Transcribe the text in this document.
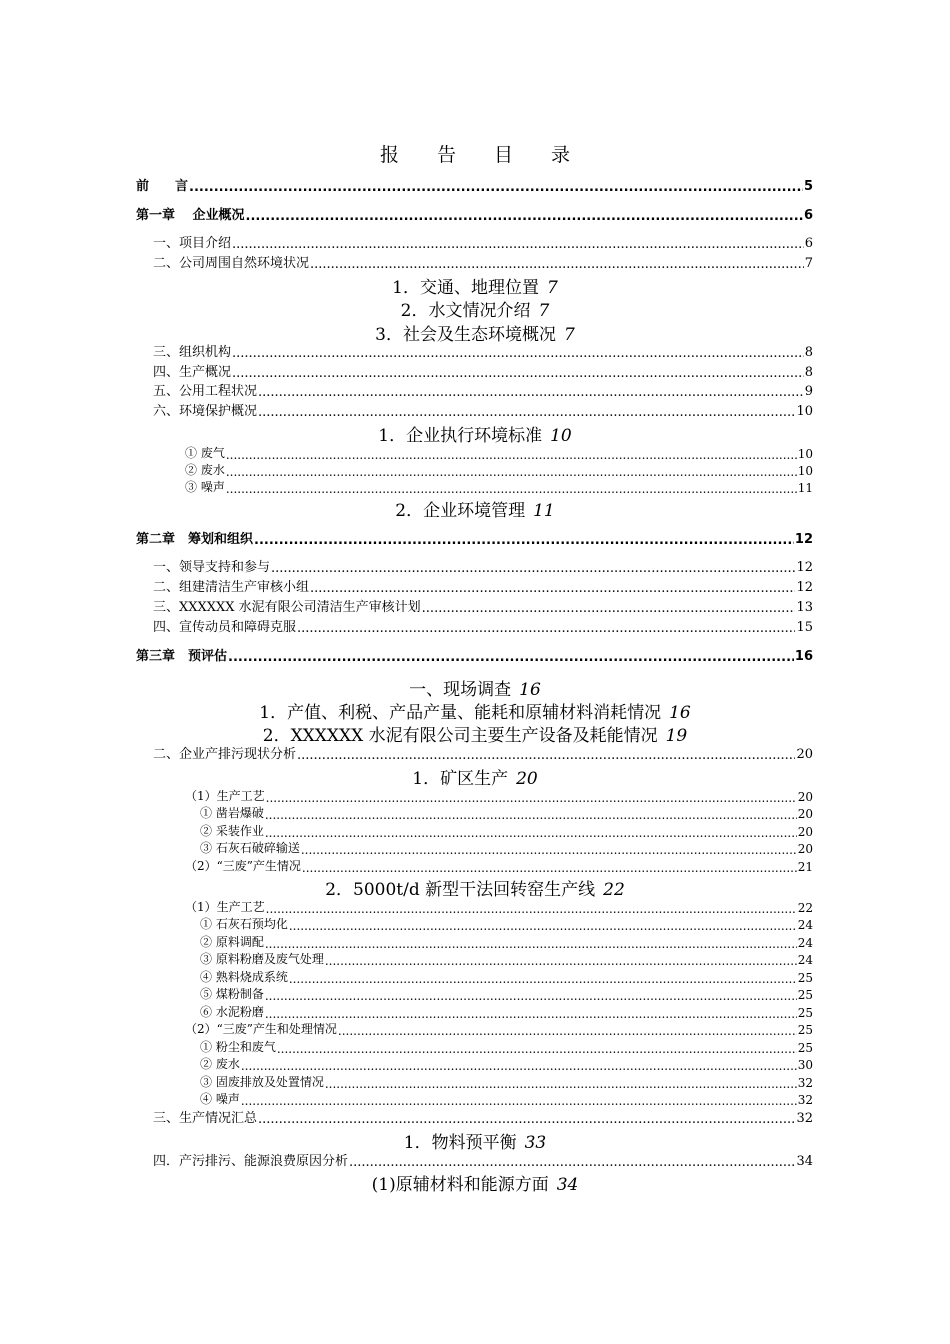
报告目录
前　　言 .....	5
第一章　 企业概况 .....	6
一、项目介绍 .....	6
二、公司周围自然环境状况 .....	7
1．交通、地理位置 7
2．水文情况介绍 7
3．社会及生态环境概况 7
三、组织机构 .....	8
四、生产概况 .....	8
五、公用工程状况 .....	9
六、环境保护概况 .....	10
1．企业执行环境标准 10
① 废气 .....	10
② 废水 .....	10
③ 噪声 .....	11
2．企业环境管理 11
第二章　筹划和组织 .....	12
一、领导支持和参与 .....	12
二、组建清洁生产审核小组 .....	12
三、XXXXXX 水泥有限公司清洁生产审核计划 .....	13
四、宣传动员和障碍克服 .....	15
第三章　预评估 .....	16
一、现场调查 16
1．产值、利税、产品产量、能耗和原辅材料消耗情况 16
2．XXXXXX 水泥有限公司主要生产设备及耗能情况 19
二、企业产排污现状分析 .....	20
1．矿区生产 20
（1）生产工艺 .....	20
① 凿岩爆破 .....	20
② 采装作业 .....	20
③ 石灰石破碎输送 .....	20
（2）“三废”产生情况 .....	21
2．5000t/d 新型干法回转窑生产线 22
（1）生产工艺 .....	22
① 石灰石预均化 .....	24
② 原料调配 .....	24
③ 原料粉磨及废气处理 .....	24
④ 熟料烧成系统 .....	25
⑤ 煤粉制备 .....	25
⑥ 水泥粉磨 .....	25
（2）“三废”产生和处理情况 .....	25
① 粉尘和废气 .....	25
② 废水 .....	30
③ 固废排放及处置情况 .....	32
④ 噪声 .....	32
三、生产情况汇总 .....	32
1．物料预平衡 33
四．产污排污、能源浪费原因分析 .....	34
(1)原辅材料和能源方面 34
